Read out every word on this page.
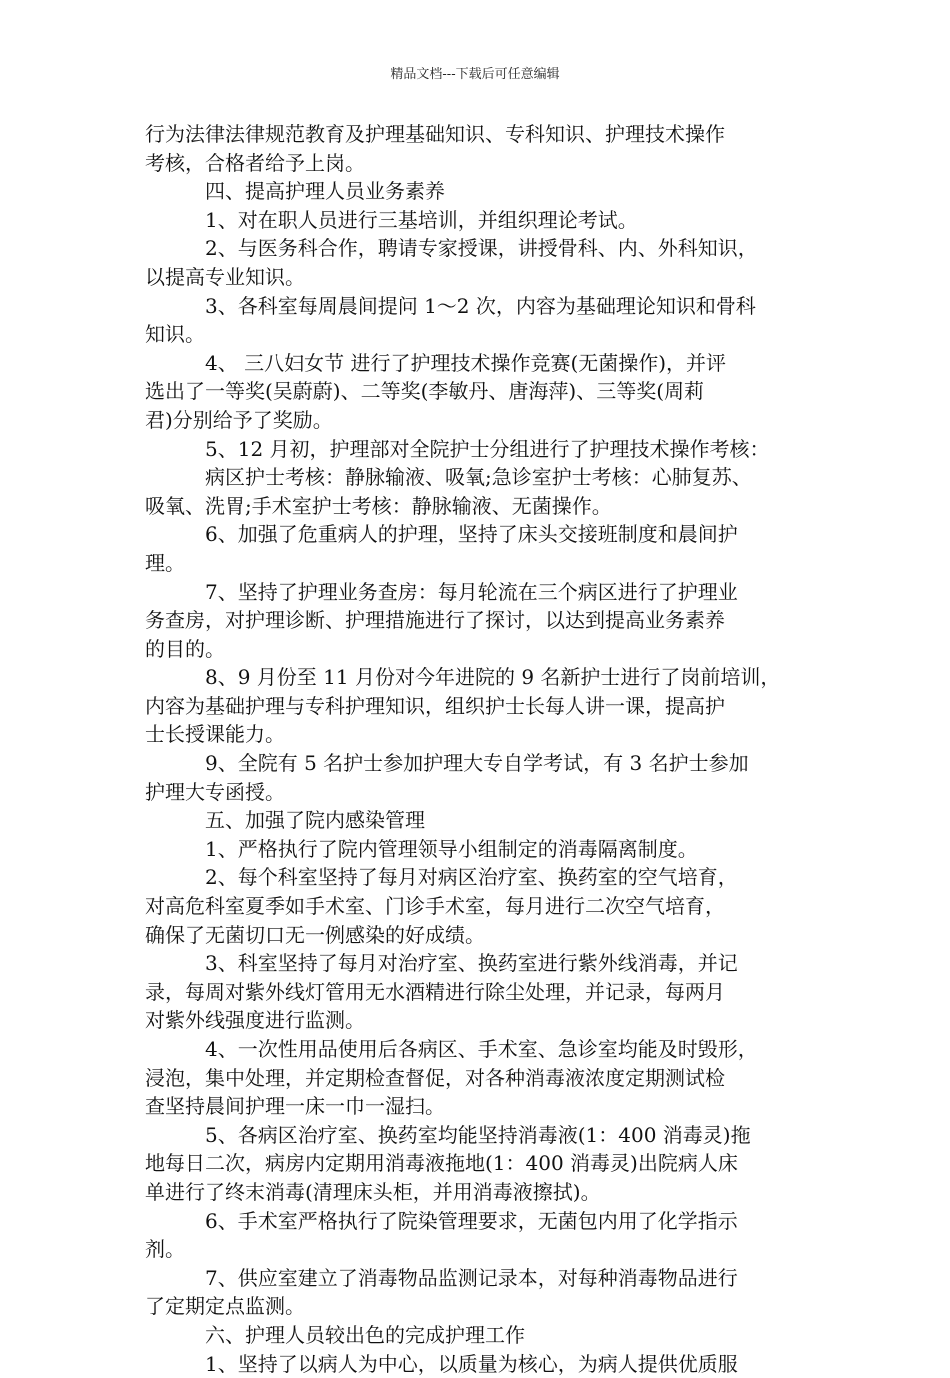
精品文档---下载后可任意编辑
行为法律法律规范教育及护理基础知识、专科知识、护理技术操作
考核，合格者给予上岗。
四、提高护理人员业务素养
1、对在职人员进行三基培训，并组织理论考试。
2、与医务科合作，聘请专家授课，讲授骨科、内、外科知识，
以提高专业知识。
3、各科室每周晨间提问 1～2 次，内容为基础理论知识和骨科
知识。
4、 三八妇女节 进行了护理技术操作竞赛(无菌操作)，并评
选出了一等奖(吴蔚蔚)、二等奖(李敏丹、唐海萍)、三等奖(周莉
君)分别给予了奖励。
5、12 月初，护理部对全院护士分组进行了护理技术操作考核：
病区护士考核：静脉输液、吸氧;急诊室护士考核：心肺复苏、
吸氧、洗胃;手术室护士考核：静脉输液、无菌操作。
6、加强了危重病人的护理，坚持了床头交接班制度和晨间护
理。
7、坚持了护理业务查房：每月轮流在三个病区进行了护理业
务查房，对护理诊断、护理措施进行了探讨，以达到提高业务素养
的目的。
8、9 月份至 11 月份对今年进院的 9 名新护士进行了岗前培训，
内容为基础护理与专科护理知识，组织护士长每人讲一课，提高护
士长授课能力。
9、全院有 5 名护士参加护理大专自学考试，有 3 名护士参加
护理大专函授。
五、加强了院内感染管理
1、严格执行了院内管理领导小组制定的消毒隔离制度。
2、每个科室坚持了每月对病区治疗室、换药室的空气培育，
对高危科室夏季如手术室、门诊手术室，每月进行二次空气培育，
确保了无菌切口无一例感染的好成绩。
3、科室坚持了每月对治疗室、换药室进行紫外线消毒，并记
录，每周对紫外线灯管用无水酒精进行除尘处理，并记录，每两月
对紫外线强度进行监测。
4、一次性用品使用后各病区、手术室、急诊室均能及时毁形，
浸泡，集中处理，并定期检查督促，对各种消毒液浓度定期测试检
查坚持晨间护理一床一巾一湿扫。
5、各病区治疗室、换药室均能坚持消毒液(1：400 消毒灵)拖
地每日二次，病房内定期用消毒液拖地(1：400 消毒灵)出院病人床
单进行了终末消毒(清理床头柜，并用消毒液擦拭)。
6、手术室严格执行了院染管理要求，无菌包内用了化学指示
剂。
7、供应室建立了消毒物品监测记录本，对每种消毒物品进行
了定期定点监测。
六、护理人员较出色的完成护理工作
1、坚持了以病人为中心，以质量为核心，为病人提供优质服
